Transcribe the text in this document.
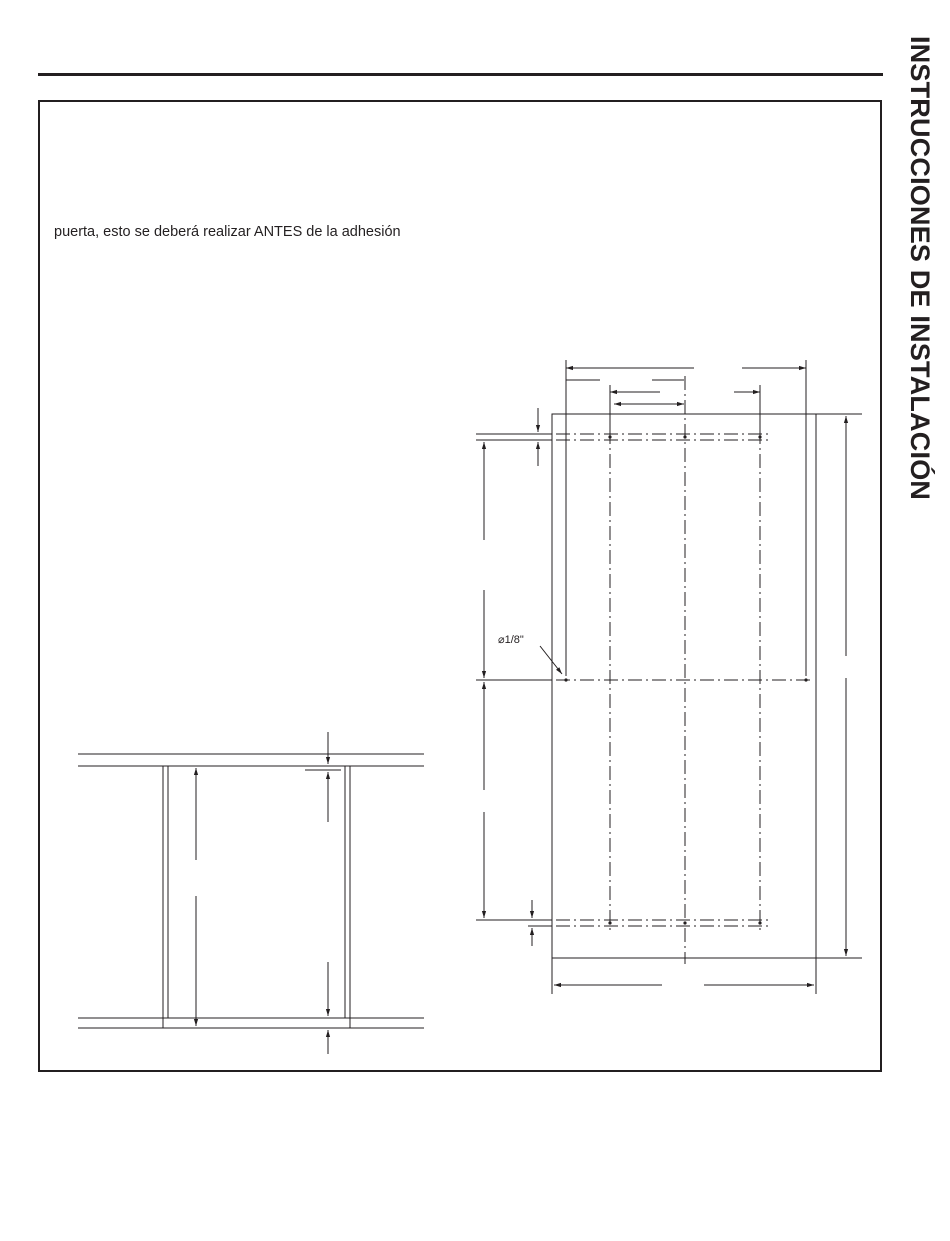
INSTRUCCIONES DE INSTALACIÓN
puerta, esto se deberá realizar ANTES de la adhesión
⌀1/8"
